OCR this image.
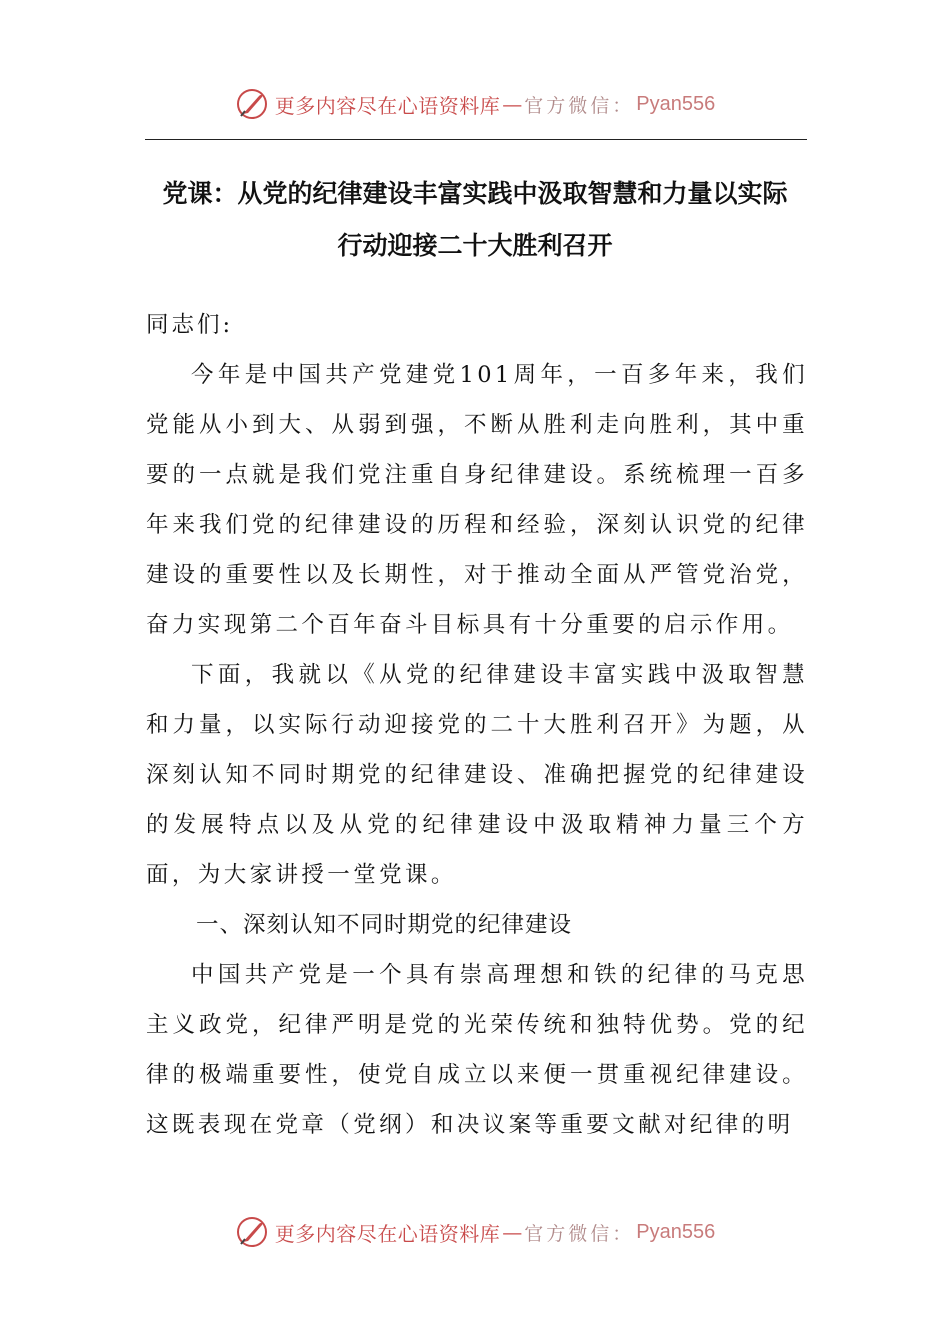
更多内容尽在心语资料库 — 官方微信： Pyan556
党课：从党的纪律建设丰富实践中汲取智慧和力量以实际
行动迎接二十大胜利召开

同志们:

今年是中国共产党建党101周年，一百多年来，我们党能从小到大、从弱到强，不断从胜利走向胜利，其中重要的一点就是我们党注重自身纪律建设。系统梳理一百多年来我们党的纪律建设的历程和经验，深刻认识党的纪律建设的重要性以及长期性，对于推动全面从严管党治党，奋力实现第二个百年奋斗目标具有十分重要的启示作用。

下面，我就以《从党的纪律建设丰富实践中汲取智慧和力量，以实际行动迎接党的二十大胜利召开》为题，从深刻认知不同时期党的纪律建设、准确把握党的纪律建设的发展特点以及从党的纪律建设中汲取精神力量三个方面，为大家讲授一堂党课。

一、深刻认知不同时期党的纪律建设

中国共产党是一个具有崇高理想和铁的纪律的马克思主义政党，纪律严明是党的光荣传统和独特优势。党的纪律的极端重要性，使党自成立以来便一贯重视纪律建设。这既表现在党章（党纲）和决议案等重要文献对纪律的明

更多内容尽在心语资料库 — 官方微信： Pyan556
